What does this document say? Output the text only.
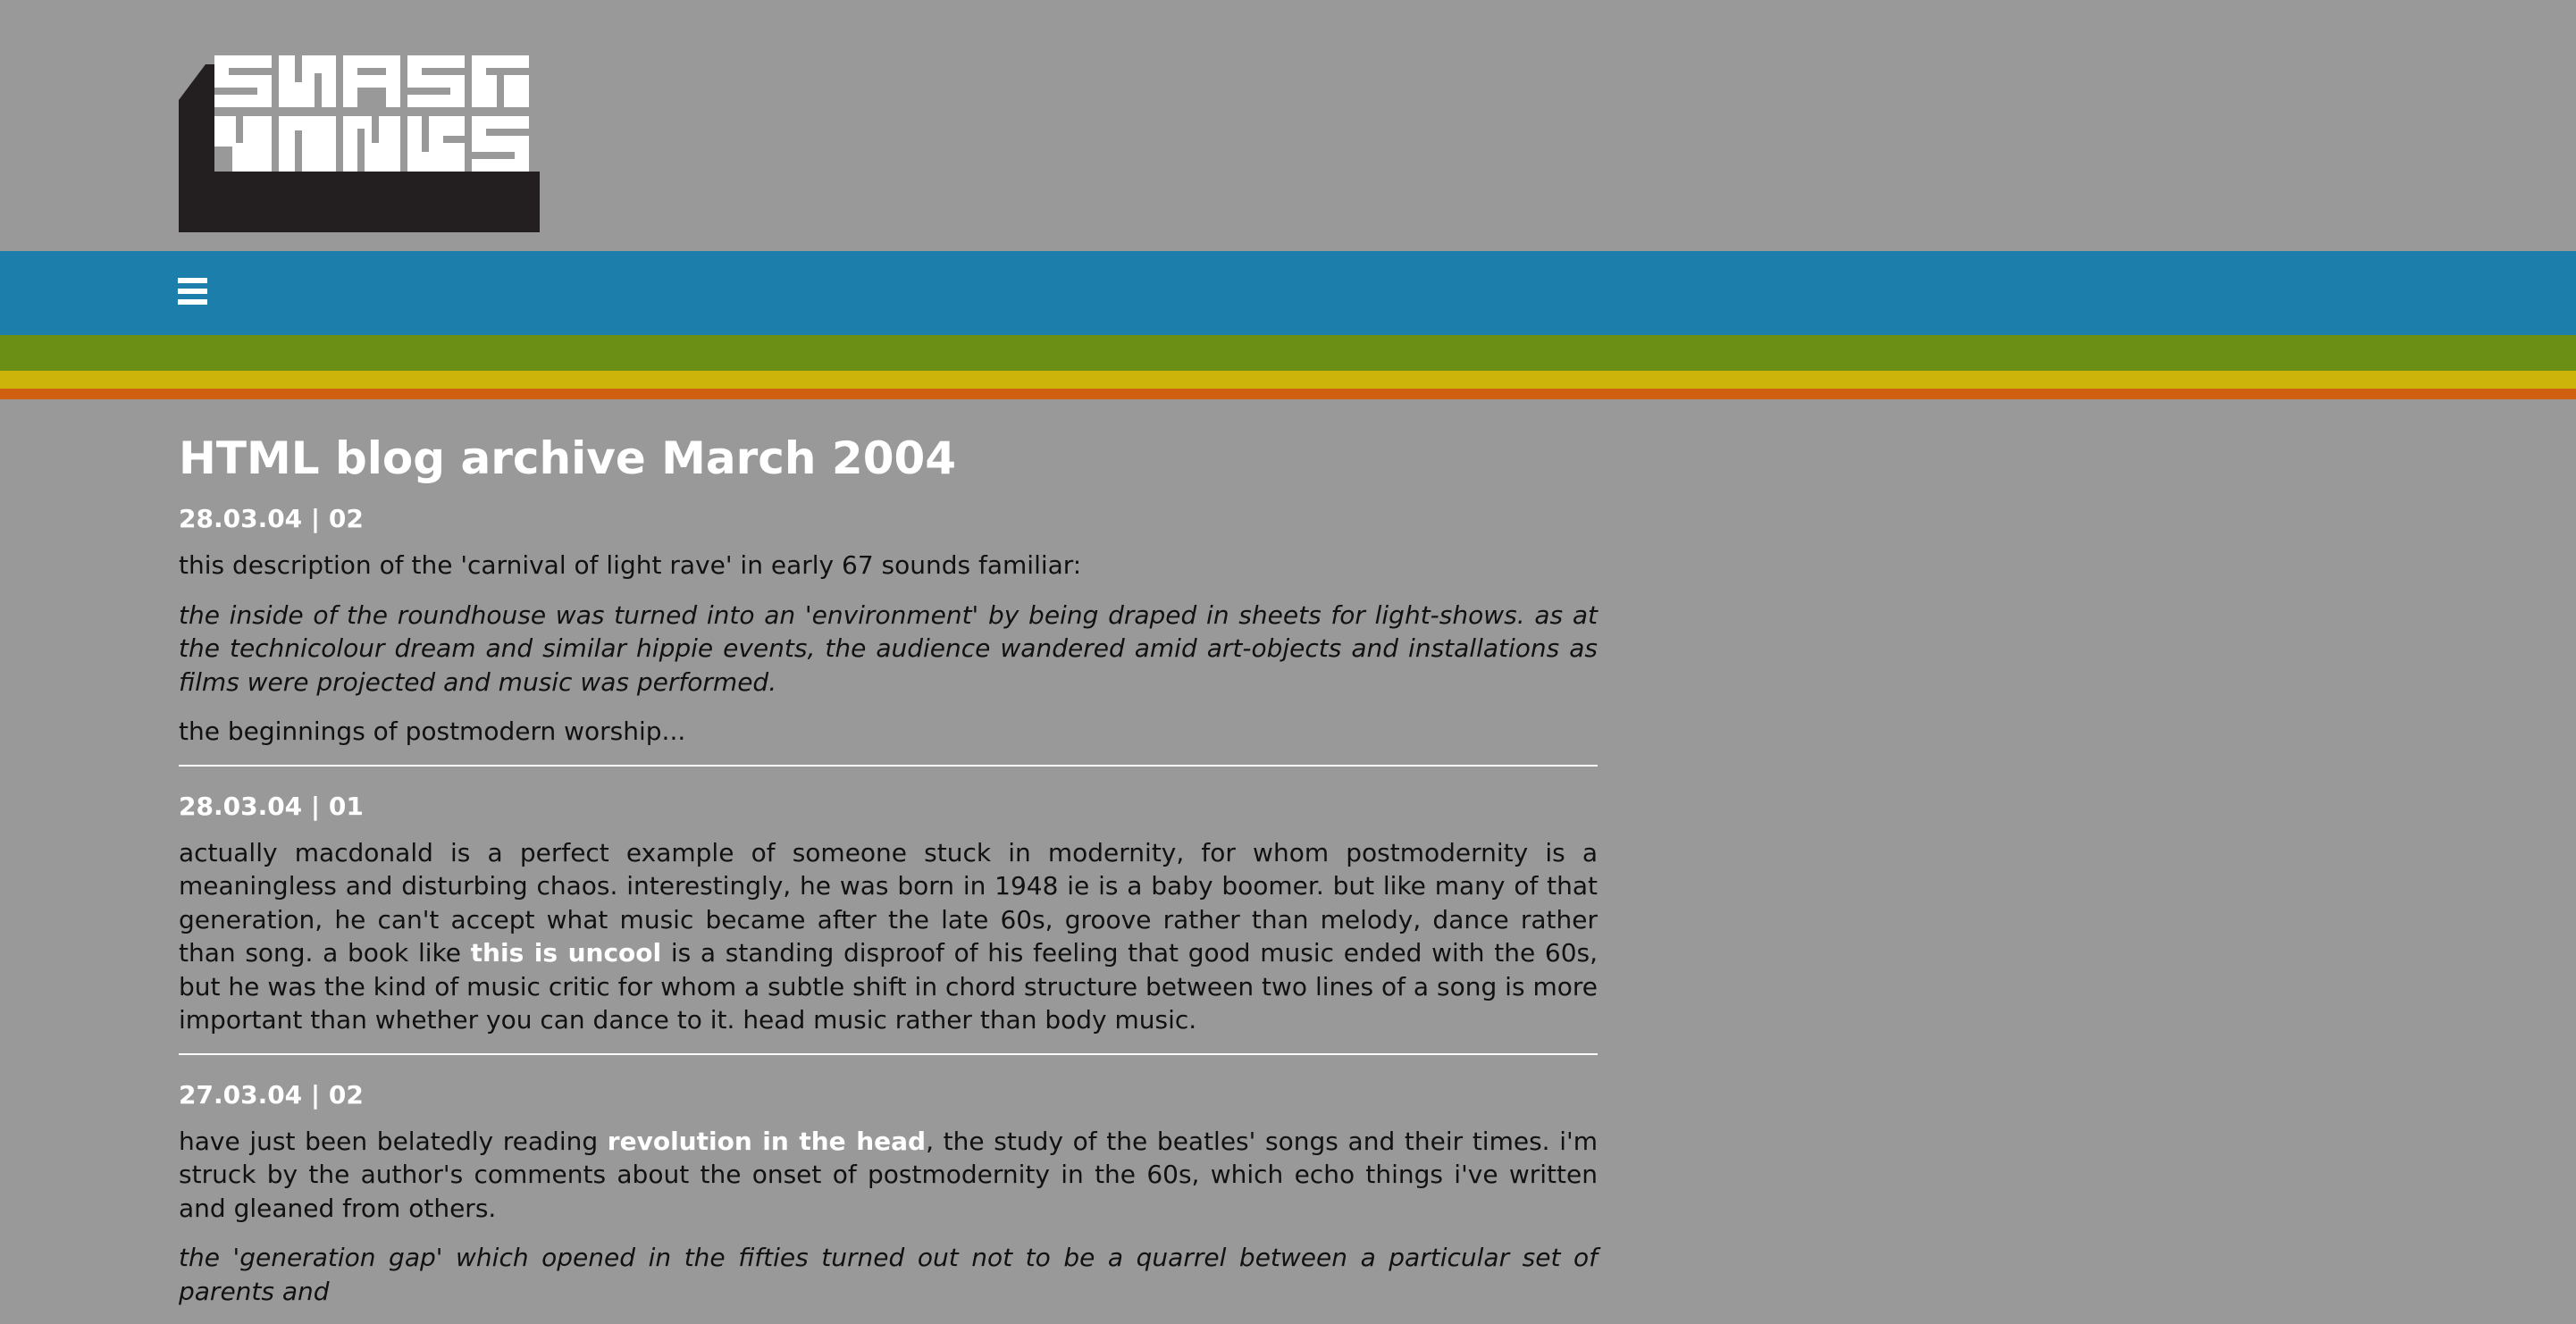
HTML blog archive March 2004
28.03.04 | 02

this description of the 'carnival of light rave' in early 67 sounds familiar:

the inside of the roundhouse was turned into an 'environment' by being draped in sheets for light-shows. as at the technicolour dream and similar hippie events, the audience wandered amid art-objects and installations as films were projected and music was performed.

the beginnings of postmodern worship...

28.03.04 | 01

actually macdonald is a perfect example of someone stuck in modernity, for whom postmodernity is a meaningless and disturbing chaos. interestingly, he was born in 1948 ie is a baby boomer. but like many of that generation, he can't accept what music became after the late 60s, groove rather than melody, dance rather than song. a book like this is uncool is a standing disproof of his feeling that good music ended with the 60s, but he was the kind of music critic for whom a subtle shift in chord structure between two lines of a song is more important than whether you can dance to it. head music rather than body music.

27.03.04 | 02

have just been belatedly reading revolution in the head, the study of the beatles' songs and their times. i'm struck by the author's comments about the onset of postmodernity in the 60s, which echo things i've written and gleaned from others.

the 'generation gap' which opened in the fifties turned out not to be a quarrel between a particular set of parents and
